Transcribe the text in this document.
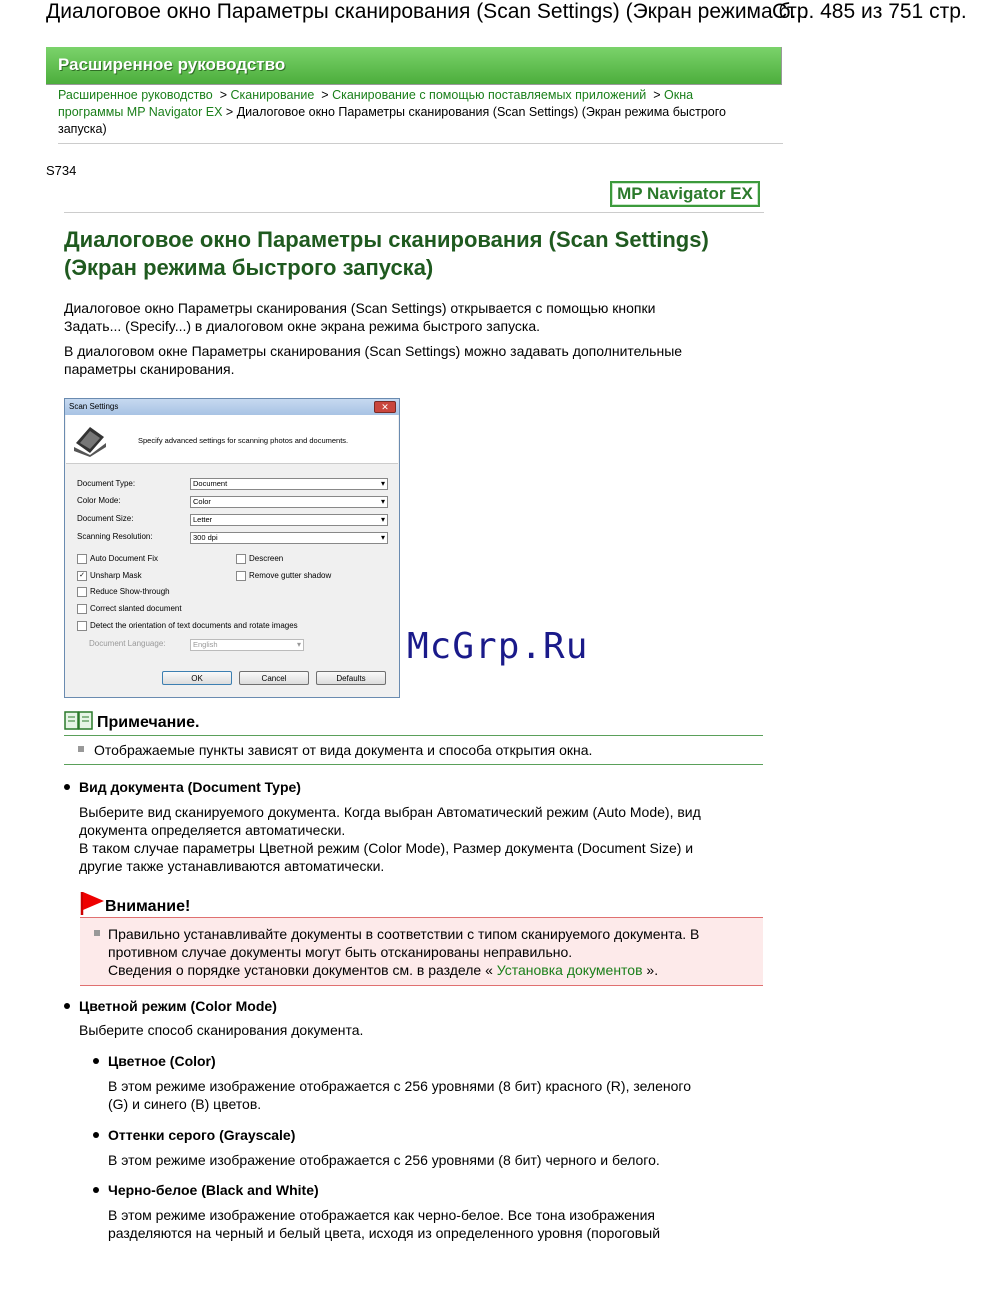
Диалоговое окно Параметры сканирования (Scan Settings) (Экран режима б...
Стр. 485 из 751 стр.
Расширенное руководство
Расширенное руководство > Сканирование > Сканирование с помощью поставляемых приложений > Окна программы MP Navigator EX > Диалоговое окно Параметры сканирования (Scan Settings) (Экран режима быстрого запуска)
S734
MP Navigator EX
Диалоговое окно Параметры сканирования (Scan Settings)
(Экран режима быстрого запуска)
Диалоговое окно Параметры сканирования (Scan Settings) открывается с помощью кнопки
Задать... (Specify...) в диалоговом окне экрана режима быстрого запуска.
В диалоговом окне Параметры сканирования (Scan Settings) можно задавать дополнительные
параметры сканирования.
Scan Settings	✕
Specify advanced settings for scanning photos and documents.
Document Type:	Document ▾
Color Mode:	Color ▾
Document Size:	Letter ▾
Scanning Resolution:	300 dpi ▾
Auto Document Fix
✓ Unsharp Mask
Reduce Show-through
Correct slanted document
Detect the orientation of text documents and rotate images
Descreen
Remove gutter shadow
Document Language:	English ▾
OK	Cancel	Defaults
McGrp.Ru
Примечание.
Отображаемые пункты зависят от вида документа и способа открытия окна.
Вид документа (Document Type)
Выберите вид сканируемого документа. Когда выбран Автоматический режим (Auto Mode), вид
документа определяется автоматически.
В таком случае параметры Цветной режим (Color Mode), Размер документа (Document Size) и
другие также устанавливаются автоматически.
Внимание!
Правильно устанавливайте документы в соответствии с типом сканируемого документа. В
противном случае документы могут быть отсканированы неправильно.
Сведения о порядке установки документов см. в разделе « Установка документов ».
Цветной режим (Color Mode)
Выберите способ сканирования документа.
Цветное (Color)
В этом режиме изображение отображается с 256 уровнями (8 бит) красного (R), зеленого
(G) и синего (B) цветов.
Оттенки серого (Grayscale)
В этом режиме изображение отображается с 256 уровнями (8 бит) черного и белого.
Черно-белое (Black and White)
В этом режиме изображение отображается как черно-белое. Все тона изображения
разделяются на черный и белый цвета, исходя из определенного уровня (пороговый
